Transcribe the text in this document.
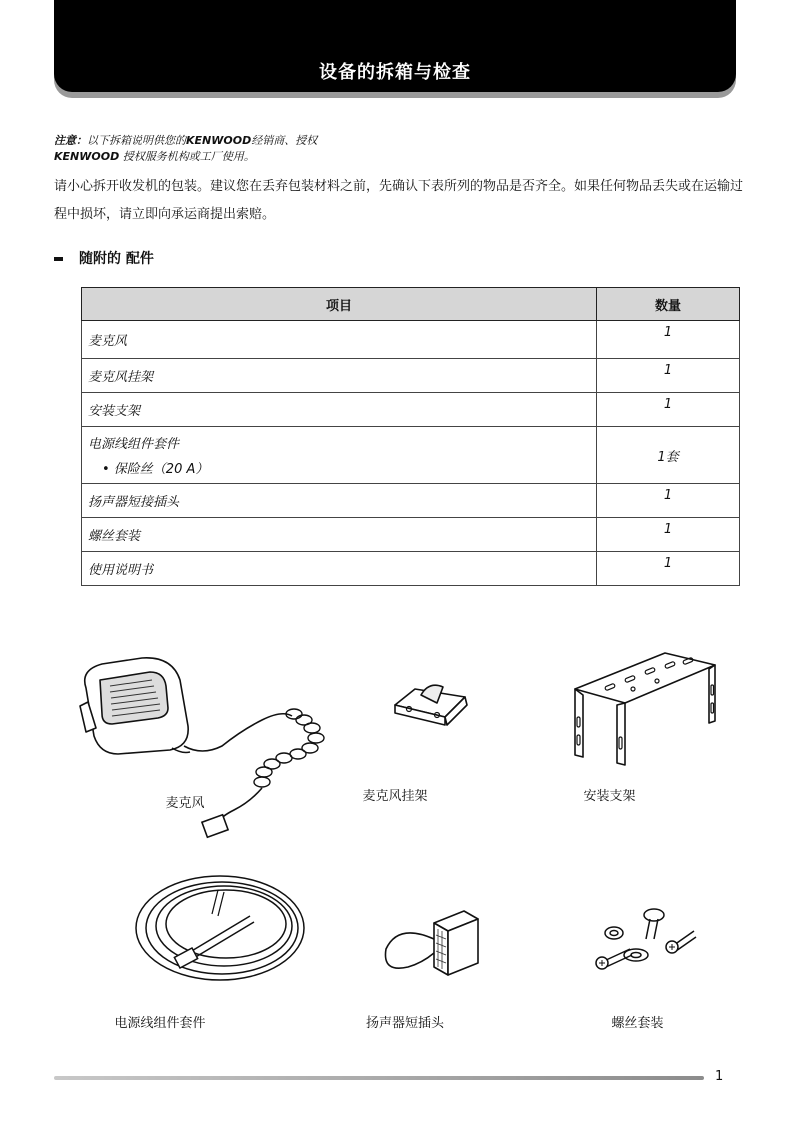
设备的拆箱与检查
注意：以下拆箱说明供您的KENWOOD经销商、授权
KENWOOD 授权服务机构或工厂使用。
请小心拆开收发机的包装。建议您在丢弃包装材料之前，先确认下表所列的物品是否齐全。如果任何物品丢失或在运输过程中损坏，请立即向承运商提出索赔。
随附的 配件
项目	数量
麦克风	1
麦克风挂架	1
安装支架	1

电源线组件套件
• 保险丝（20 A）	1套
扬声器短接插头	1
螺丝套装	1
使用说明书	1
麦克风	麦克风挂架	安装支架
电源线组件套件	扬声器短插头	螺丝套装
1
